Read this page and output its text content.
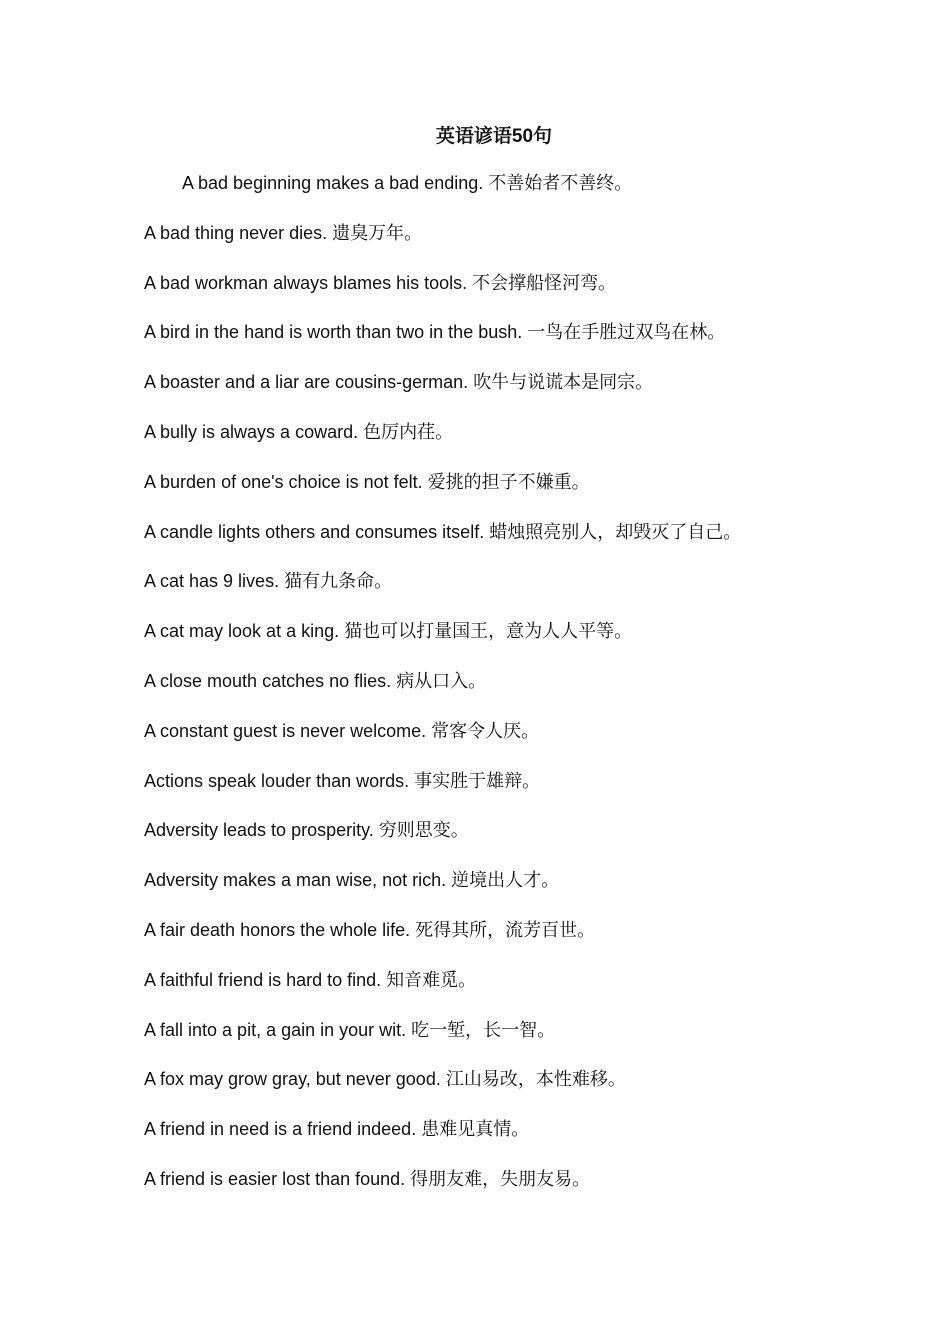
英语谚语50句
A bad beginning makes a bad ending. 不善始者不善终。
A bad thing never dies. 遗臭万年。
A bad workman always blames his tools. 不会撑船怪河弯。
A bird in the hand is worth than two in the bush. 一鸟在手胜过双鸟在林。
A boaster and a liar are cousins-german. 吹牛与说谎本是同宗。
A bully is always a coward. 色厉内荏。
A burden of one's choice is not felt. 爱挑的担子不嫌重。
A candle lights others and consumes itself. 蜡烛照亮别人，却毁灭了自己。
A cat has 9 lives. 猫有九条命。
A cat may look at a king. 猫也可以打量国王，意为人人平等。
A close mouth catches no flies. 病从口入。
A constant guest is never welcome. 常客令人厌。
Actions speak louder than words. 事实胜于雄辩。
Adversity leads to prosperity. 穷则思变。
Adversity makes a man wise, not rich. 逆境出人才。
A fair death honors the whole life. 死得其所，流芳百世。
A faithful friend is hard to find. 知音难觅。
A fall into a pit, a gain in your wit. 吃一堑，长一智。
A fox may grow gray, but never good. 江山易改，本性难移。
A friend in need is a friend indeed. 患难见真情。
A friend is easier lost than found. 得朋友难，失朋友易。
